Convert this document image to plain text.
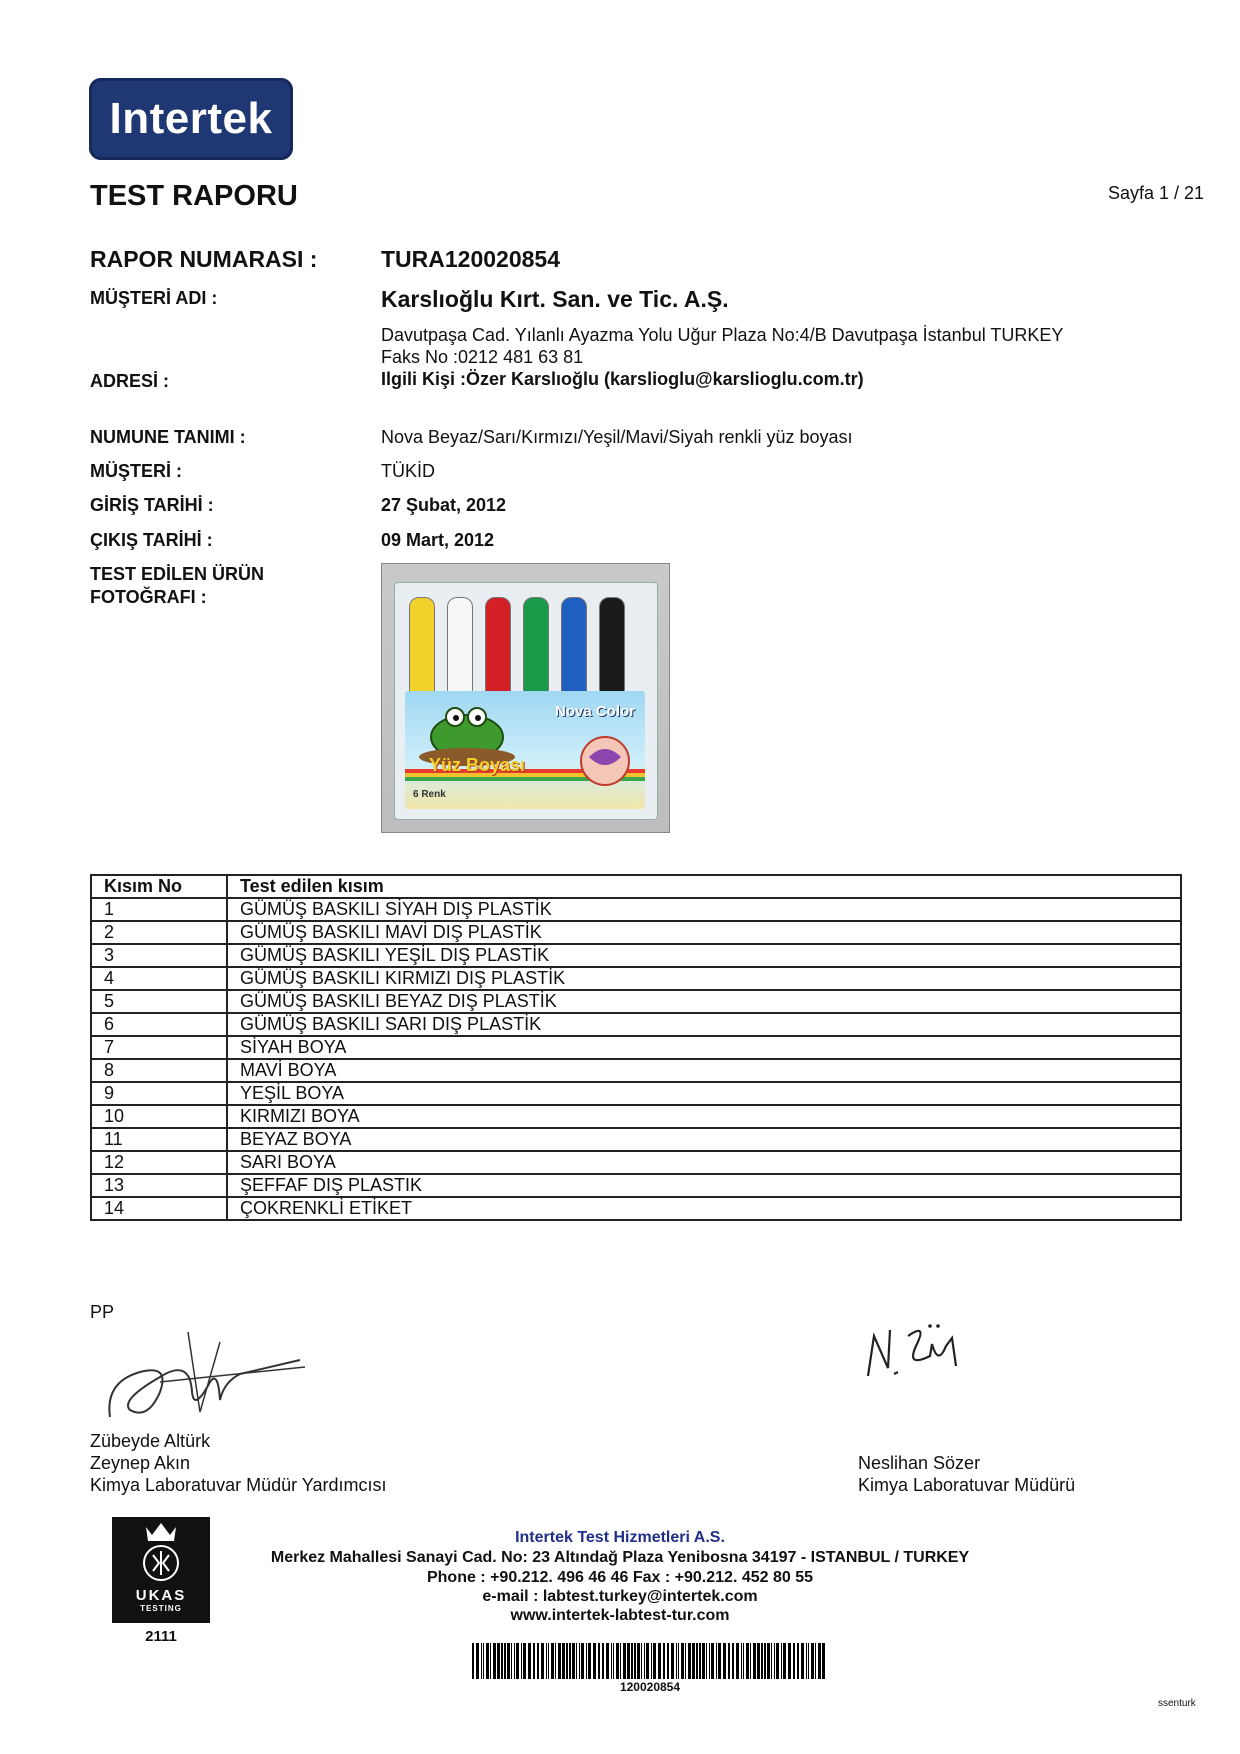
Intertek
TEST RAPORU	Sayfa 1 / 21
RAPOR NUMARASI :	TURA120020854
MÜŞTERİ ADI :	Karslıoğlu Kırt. San. ve Tic. A.Ş.
Davutpaşa Cad. Yılanlı Ayazma Yolu Uğur Plaza No:4/B Davutpaşa İstanbul TURKEY
Faks No :0212 481 63 81
ADRESİ :	Ilgili Kişi :Özer Karslıoğlu (karslioglu@karslioglu.com.tr)
NUMUNE TANIMI :	Nova Beyaz/Sarı/Kırmızı/Yeşil/Mavi/Siyah renkli yüz boyası
MÜŞTERİ :	TÜKİD
GİRİŞ TARİHİ :	27 Şubat, 2012
ÇIKIŞ TARİHİ :	09 Mart, 2012
TEST EDİLEN ÜRÜN
FOTOĞRAFI :
Nova Color
Yüz Boyası
6 Renk
Kısım No	Test edilen kısım
1	GÜMÜŞ BASKILI SİYAH DIŞ PLASTİK
2	GÜMÜŞ BASKILI MAVİ DIŞ PLASTİK
3	GÜMÜŞ BASKILI YEŞİL DIŞ PLASTİK
4	GÜMÜŞ BASKILI KIRMIZI DIŞ PLASTİK
5	GÜMÜŞ BASKILI BEYAZ DIŞ PLASTİK
6	GÜMÜŞ BASKILI SARI DIŞ PLASTİK
7	SİYAH BOYA
8	MAVİ BOYA
9	YEŞİL BOYA
10	KIRMIZI BOYA
11	BEYAZ BOYA
12	SARI BOYA
13	ŞEFFAF DIŞ PLASTIK
14	ÇOKRENKLİ ETİKET
PP
Zübeyde Altürk
Zeynep Akın
Kimya Laboratuvar Müdür Yardımcısı
Neslihan Sözer
Kimya Laboratuvar Müdürü
UKAS
TESTING
2111
Intertek Test Hizmetleri A.S.
Merkez Mahallesi Sanayi Cad. No: 23 Altındağ Plaza Yenibosna 34197 - ISTANBUL / TURKEY
Phone : +90.212. 496 46 46 Fax : +90.212. 452 80 55
e-mail : labtest.turkey@intertek.com
www.intertek-labtest-tur.com
120020854
ssenturk
